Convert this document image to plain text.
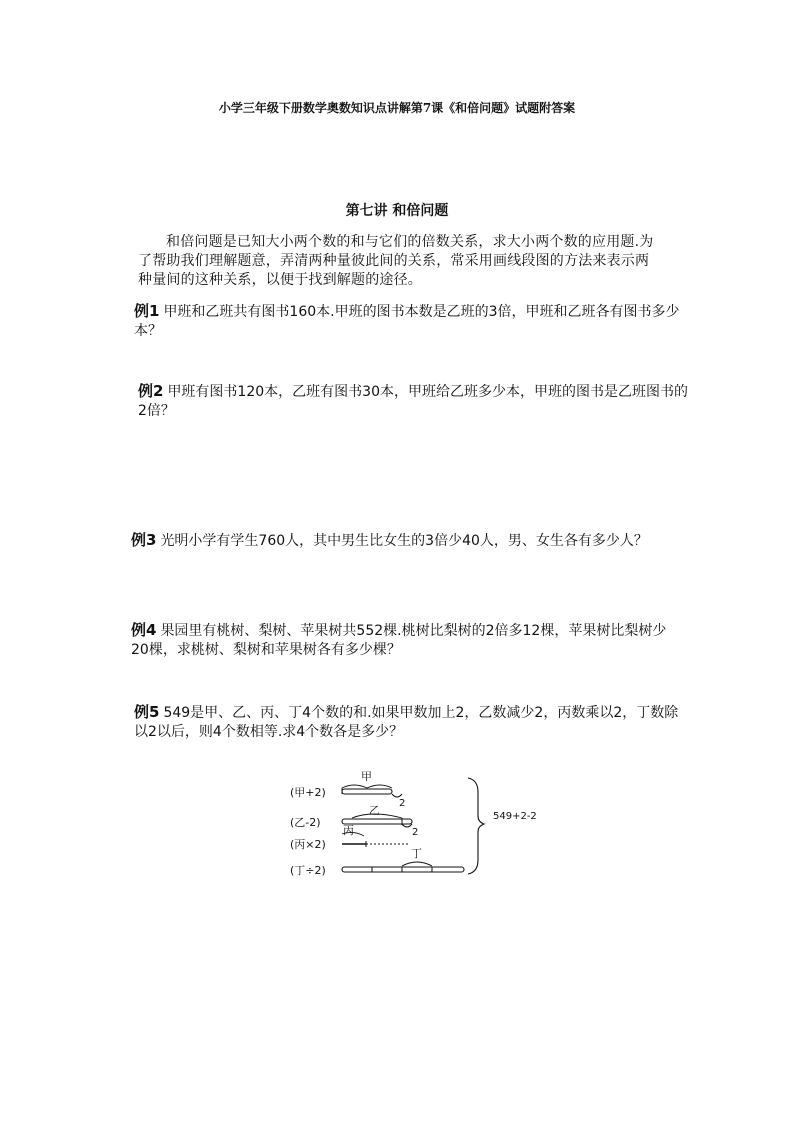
小学三年级下册数学奥数知识点讲解第7课《和倍问题》试题附答案
第七讲 和倍问题
和倍问题是已知大小两个数的和与它们的倍数关系，求大小两个数的应用题.为了帮助我们理解题意，弄清两种量彼此间的关系，常采用画线段图的方法来表示两种量间的这种关系，以便于找到解题的途径。
例1 甲班和乙班共有图书160本.甲班的图书本数是乙班的3倍，甲班和乙班各有图书多少本？
例2 甲班有图书120本，乙班有图书30本，甲班给乙班多少本，甲班的图书是乙班图书的2倍？
例3 光明小学有学生760人，其中男生比女生的3倍少40人，男、女生各有多少人？
例4 果园里有桃树、梨树、苹果树共552棵.桃树比梨树的2倍多12棵，苹果树比梨树少20棵，求桃树、梨树和苹果树各有多少棵？
例5 549是甲、乙、丙、丁4个数的和.如果甲数加上2，乙数减少2，丙数乘以2，丁数除以2以后，则4个数相等.求4个数各是多少？
(甲+2)
(乙-2)
(丙×2)
(丁÷2)
甲
2
乙
2
丙
丁
549+2-2
